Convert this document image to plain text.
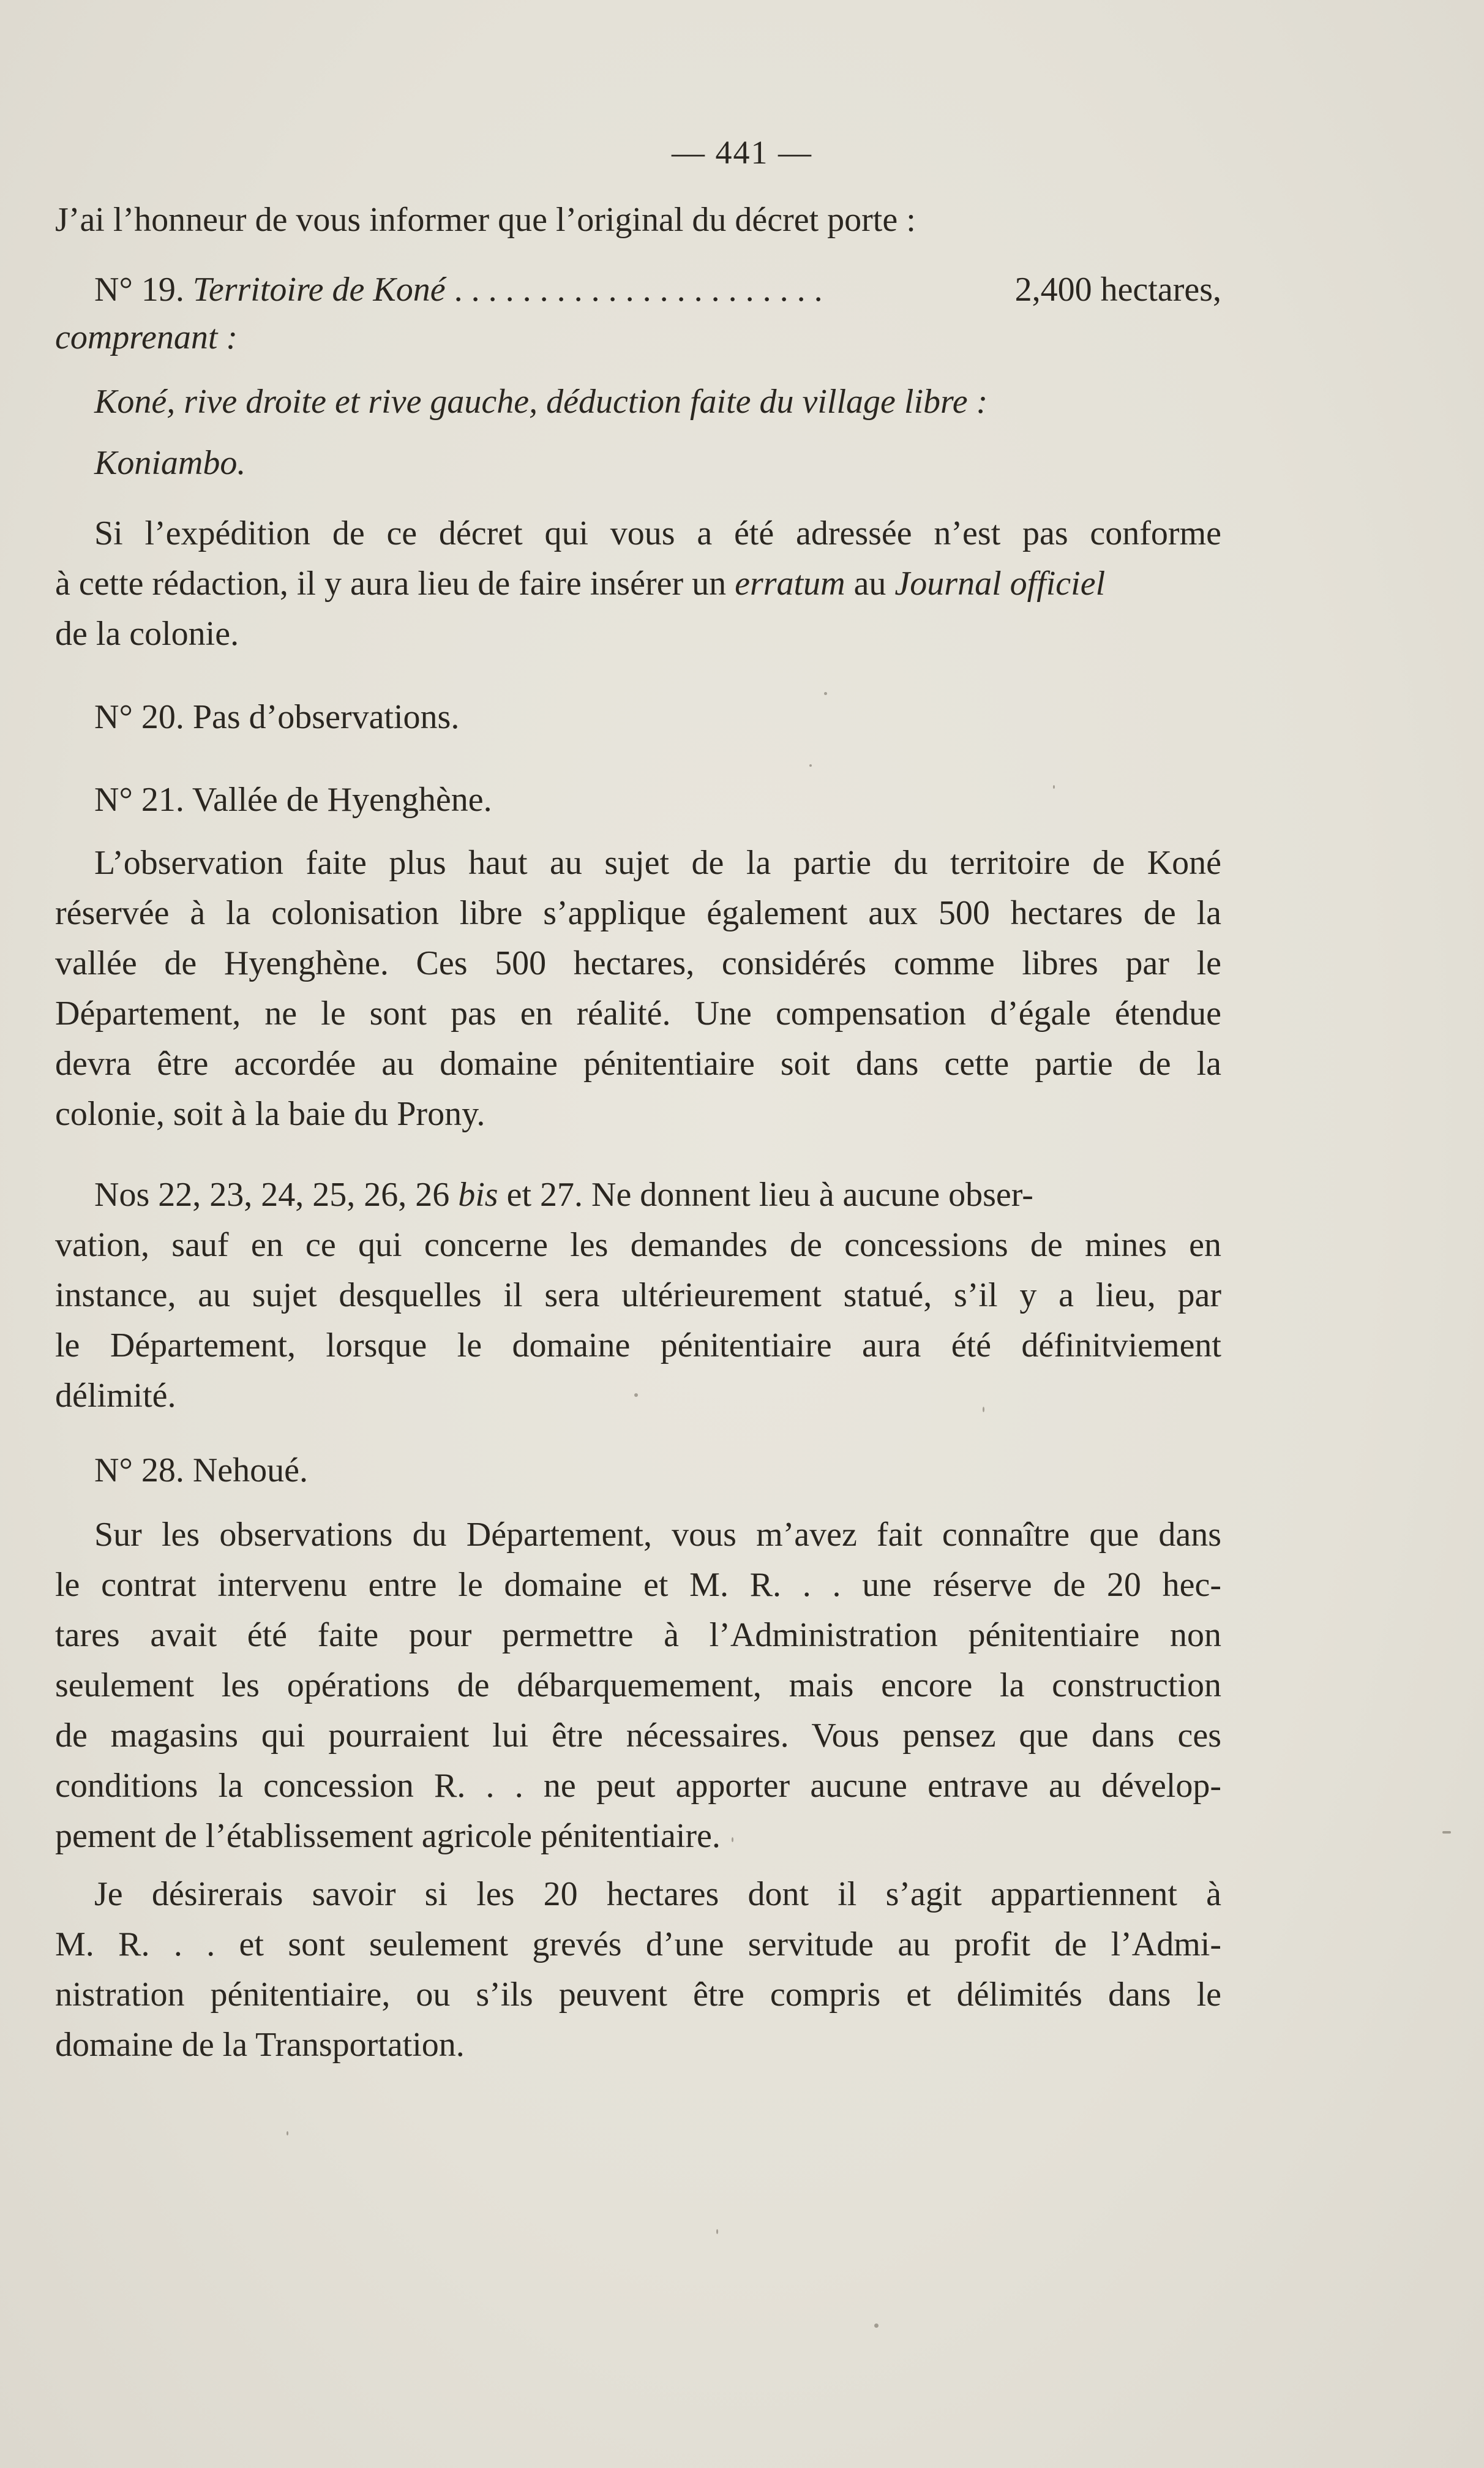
— 441 —
J’ai l’honneur de vous informer que l’original du décret porte :
N° 19. Territoire de Koné ......................	2,400 hectares,
comprenant :
Koné, rive droite et rive gauche, déduction faite du village libre :
Koniambo.
Si l’expédition de ce décret qui vous a été adressée n’est pas conforme
à cette rédaction, il y aura lieu de faire insérer un erratum au Journal officiel
de la colonie.
N° 20. Pas d’observations.
N° 21. Vallée de Hyenghène.
L’observation faite plus haut au sujet de la partie du territoire de Koné
réservée à la colonisation libre s’applique également aux 500 hectares de la
vallée de Hyenghène. Ces 500 hectares, considérés comme libres par le
Département, ne le sont pas en réalité. Une compensation d’égale étendue
devra être accordée au domaine pénitentiaire soit dans cette partie de la
colonie, soit à la baie du Prony.
Nos 22, 23, 24, 25, 26, 26 bis et 27. Ne donnent lieu à aucune obser-
vation, sauf en ce qui concerne les demandes de concessions de mines en
instance, au sujet desquelles il sera ultérieurement statué, s’il y a lieu, par
le Département, lorsque le domaine pénitentiaire aura été définitviement
délimité.
N° 28. Nehoué.
Sur les observations du Département, vous m’avez fait connaître que dans
le contrat intervenu entre le domaine et M. R. . . une réserve de 20 hec-
tares avait été faite pour permettre à l’Administration pénitentiaire non
seulement les opérations de débarquemement, mais encore la construction
de magasins qui pourraient lui être nécessaires. Vous pensez que dans ces
conditions la concession R. . . ne peut apporter aucune entrave au dévelop-
pement de l’établissement agricole pénitentiaire.
Je désirerais savoir si les 20 hectares dont il s’agit appartiennent à
M. R. . . et sont seulement grevés d’une servitude au profit de l’Admi-
nistration pénitentiaire, ou s’ils peuvent être compris et délimités dans le
domaine de la Transportation.
